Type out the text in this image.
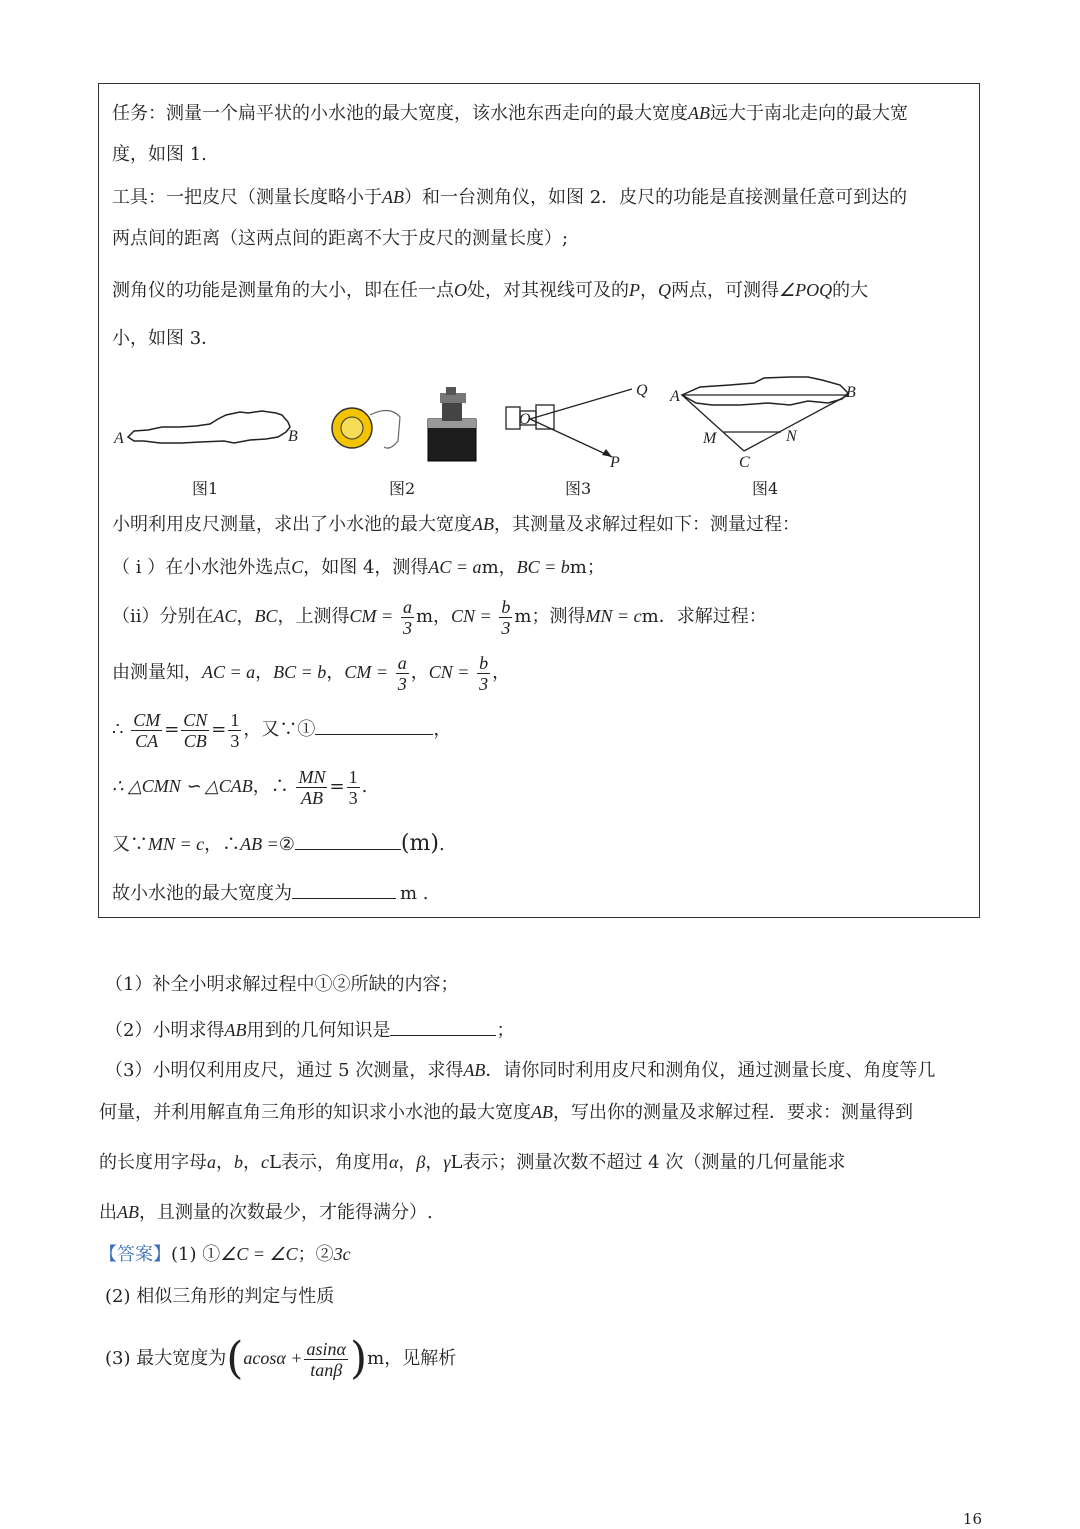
任务：测量一个扁平状的小水池的最大宽度，该水池东西走向的最大宽度AB远大于南北走向的最大宽
度，如图 1.
工具：一把皮尺（测量长度略小于AB）和一台测角仪，如图 2．皮尺的功能是直接测量任意可到达的
两点间的距离（这两点间的距离不大于皮尺的测量长度）;
测角仪的功能是测量角的大小，即在任一点O处，对其视线可及的P，Q两点，可测得∠POQ的大
小，如图 3．
A	B
O
Q
P
A	B
M	N
C
图1	图2	图3	图4
小明利用皮尺测量，求出了小水池的最大宽度AB，其测量及求解过程如下：测量过程：
（ i ）在小水池外选点C，如图 4，测得AC = am，BC = bm；
（ii）分别在AC，BC，上测得CM = $\frac{a}{3}$ m，CN = $\frac{b}{3}$ m；测得MN = cm．求解过程：
由测量知，AC = a，BC = b，CM = $\frac{a}{3}$ ，CN = $\frac{b}{3}$ ，
∴ $\frac{CM}{CA} = \frac{CN}{CB} = \frac{1}{3}$ ，又∵①	，
∴ △CMN ∽ △CAB，∴ $\frac{MN}{AB} = \frac{1}{3}$ .
又∵MN = c，∴AB =②	(m).
故小水池的最大宽度为	m .
（1）补全小明求解过程中①②所缺的内容；
（2）小明求得AB用到的几何知识是	；
（3）小明仅利用皮尺，通过 5 次测量，求得AB．请你同时利用皮尺和测角仪，通过测量长度、角度等几
何量，并利用解直角三角形的知识求小水池的最大宽度AB，写出你的测量及求解过程．要求：测量得到
的长度用字母a，b，cL表示，角度用α，β，γL表示；测量次数不超过 4 次（测量的几何量能求
出AB，且测量的次数最少，才能得满分）.
【答案】(1) ①∠C = ∠C；②3c
(2) 相似三角形的判定与性质
(3) 最大宽度为$(acos\alpha + \frac{asin\alpha}{\tan\beta} )m$，见解析
16
